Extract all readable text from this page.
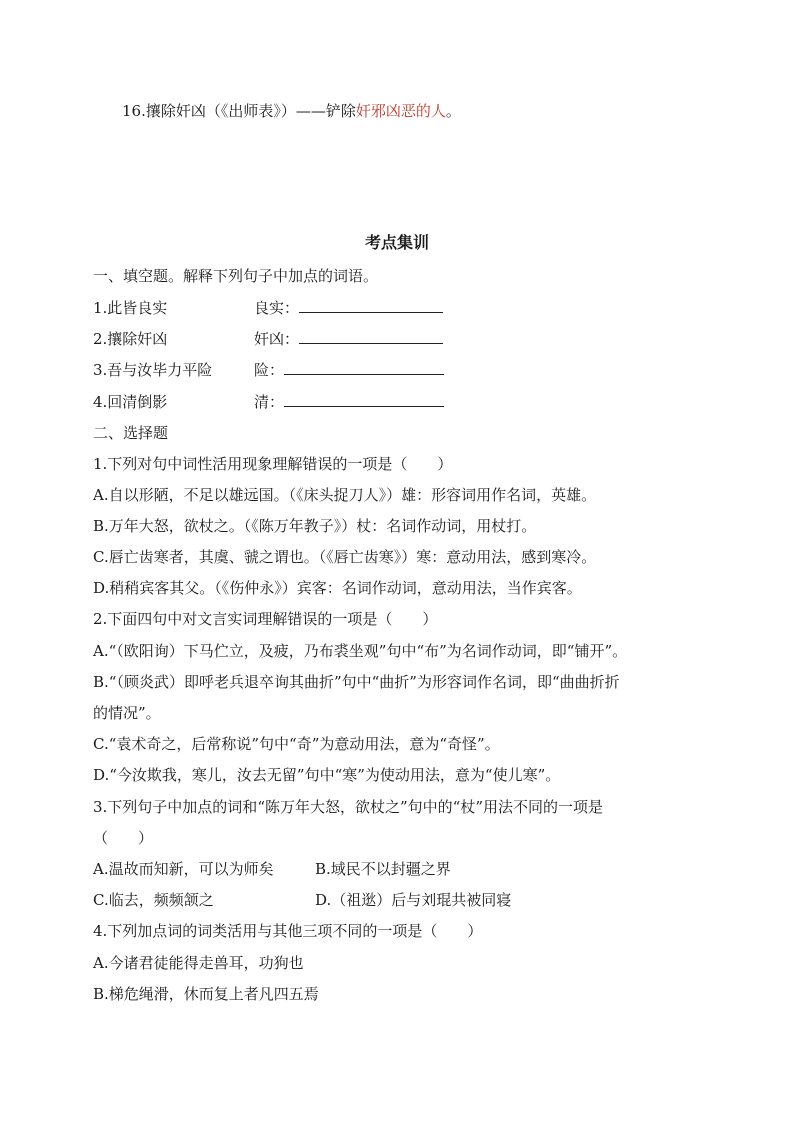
16.攘除奸凶（《出师表》）——铲除奸邪凶恶的人。
考点集训
一、填空题。解释下列句子中加点的词语。
1.此皆良实	良实：
2.攘除奸凶	奸凶：
3.吾与汝毕力平险	险：
4.回清倒影	清：
二、选择题
1.下列对句中词性活用现象理解错误的一项是（　　）
A.自以形陋，不足以雄远国。（《床头捉刀人》）雄：形容词用作名词，英雄。
B.万年大怒，欲杖之。（《陈万年教子》）杖：名词作动词，用杖打。
C.唇亡齿寒者，其虞、虢之谓也。（《唇亡齿寒》）寒：意动用法，感到寒冷。
D.稍稍宾客其父。（《伤仲永》）宾客：名词作动词，意动用法，当作宾客。
2.下面四句中对文言实词理解错误的一项是（　　）
A.“（欧阳询）下马伫立，及疲，乃布裘坐观”句中“布”为名词作动词，即“铺开”。
B.“（顾炎武）即呼老兵退卒询其曲折”句中“曲折”为形容词作名词，即“曲曲折折
的情况”。
C.“袁术奇之，后常称说”句中“奇”为意动用法，意为“奇怪”。
D.“今汝欺我，寒儿，汝去无留”句中“寒”为使动用法，意为“使儿寒”。
3.下列句子中加点的词和“陈万年大怒，欲杖之”句中的“杖”用法不同的一项是
（　　）
A.温故而知新，可以为师矣	B.域民不以封疆之界
C.临去，频频颔之	D.（祖逖）后与刘琨共被同寝
4.下列加点词的词类活用与其他三项不同的一项是（　　）
A.今诸君徒能得走兽耳，功狗也
B.梯危绳滑，休而复上者凡四五焉
